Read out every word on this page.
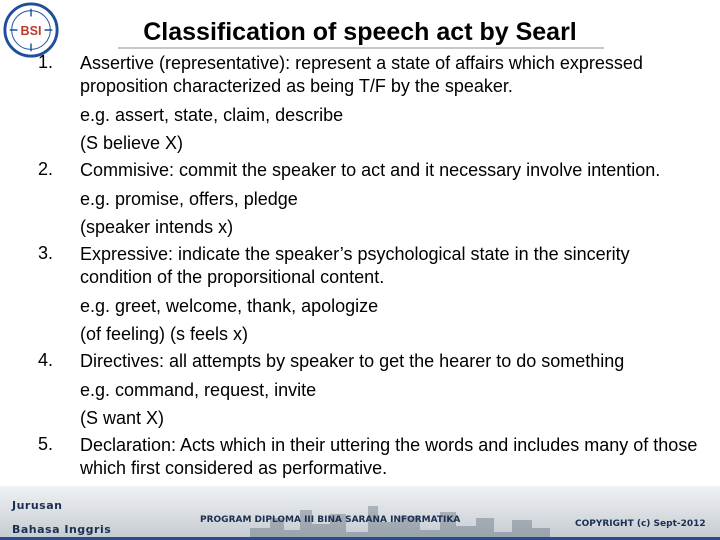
BSI	Classification of speech act by Searl
1.	Assertive (representative): represent a state of affairs which expressed proposition characterized as being T/F by the speaker.
e.g. assert, state, claim, describe
(S believe X)
2.	Commisive: commit the speaker to act and it necessary involve intention.
e.g. promise, offers, pledge
(speaker intends x)
3.	Expressive: indicate the speaker’s psychological state in the sincerity condition of the proporsitional content.
e.g. greet, welcome, thank, apologize
(of feeling) (s feels x)
4.	Directives: all attempts by speaker to get the hearer to do something
e.g. command, request, invite
(S want X)
5.	Declaration: Acts which in their uttering the words and includes many of those which first considered as performative.
Jurusan
Bahasa Inggris
PROGRAM DIPLOMA III BINA SARANA INFORMATIKA	COPYRIGHT (c) Sept-2012
